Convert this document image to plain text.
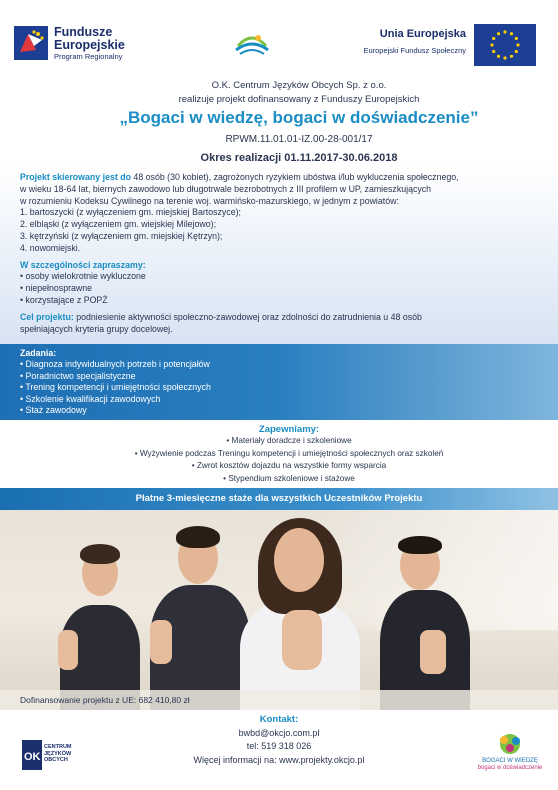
Fundusze
Europejskie
Program Regionalny
Unia Europejska
Europejski Fundusz Społeczny
O.K. Centrum Języków Obcych Sp. z o.o.
realizuje projekt dofinansowany z Funduszy Europejskich
„Bogaci w wiedzę, bogaci w doświadczenie”
RPWM.11.01.01-IZ.00-28-001/17
Okres realizacji 01.11.2017-30.06.2018

Projekt skierowany jest do 48 osób (30 kobiet), zagrożonych ryzykiem ubóstwa i/lub wykluczenia społecznego,

w wieku 18-64 lat, biernych zawodowo lub długotrwale bezrobotnych z III profilem w UP, zamieszkujących

w rozumieniu Kodeksu Cywilnego na terenie woj. warmińsko-mazurskiego, w jednym z powiatów:

1. bartoszycki (z wyłączeniem gm. miejskiej Bartoszyce);

2. elbląski (z wyłączeniem gm. wiejskiej Milejowo);

3. kętrzyński (z wyłączeniem gm. miejskiej Kętrzyn);

4. nowomiejski.

W szczególności zapraszamy:

• osoby wielokrotnie wykluczone

• niepełnosprawne

• korzystające z POPŻ

Cel projektu: podniesienie aktywności społeczno-zawodowej oraz zdolności do zatrudnienia u 48 osób

spełniających kryteria grupy docelowej.

Zadania:

• Diagnoza indywidualnych potrzeb i potencjałów

• Poradnictwo specjalistyczne

• Trening kompetencji i umiejętności społecznych

• Szkolenie kwalifikacji zawodowych

• Staż zawodowy

Zapewniamy:
• Materiały doradcze i szkoleniowe
• Wyżywienie podczas Treningu kompetencji i umiejętności społecznych oraz szkoleń
• Zwrot kosztów dojazdu na wszystkie formy wsparcia
• Stypendium szkoleniowe i stażowe
Płatne 3-miesięczne staże dla wszystkich Uczestników Projektu
Dofinansowanie projektu z UE: 682 410,80 zł
Kontakt:
bwbd@okcjo.com.pl
tel: 519 318 026
Więcej informacji na: www.projekty.okcjo.pl
OK
CENTRUM JĘZYKÓW OBCYCH	BOGACI W WIEDZĘ
bogaci w doświadczenie
